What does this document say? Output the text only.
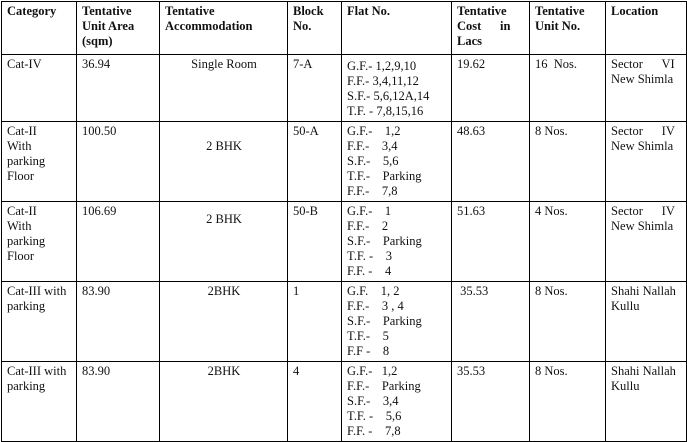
Category	Tentative
Unit Area
(sqm)	Tentative
Accommodation	Block
No.	Flat No.	Tentative
Cost      in
Lacs	Tentative
Unit No.	Location

Cat-IV	36.94	Single Room	7-A	G.F.- 1,2,9,10
F.F.- 3,4,11,12
S.F.- 5,6,12A,14
T.F. - 7,8,15,16	19.62	16  Nos.	Sector      VI
New Shimla

Cat-II
With
parking
Floor	100.50	2 BHK	50-A	G.F.-    1,2
F.F.-    3,4
S.F.-    5,6
T.F.-    Parking
F.F.-    7,8	48.63	8 Nos.	Sector      IV
New Shimla

Cat-II
With
parking
Floor	106.69	2 BHK	50-B	G.F.-    1
F.F.-    2
S.F.-    Parking
T.F. -    3
F.F. -    4	51.63	4 Nos.	Sector      IV
New Shimla

Cat-III with
parking	83.90	2BHK	1	G.F.    1, 2
F.F.-    3 , 4
S.F.-    Parking
T.F.-    5
F.F -    8	35.53	8 Nos.	Shahi Nallah
Kullu

Cat-III with
parking	83.90	2BHK	4	G.F.-   1,2
F.F.-    Parking
S.F.-    3,4
T.F. -    5,6
F.F. -    7,8	35.53	8 Nos.	Shahi Nallah
Kullu
